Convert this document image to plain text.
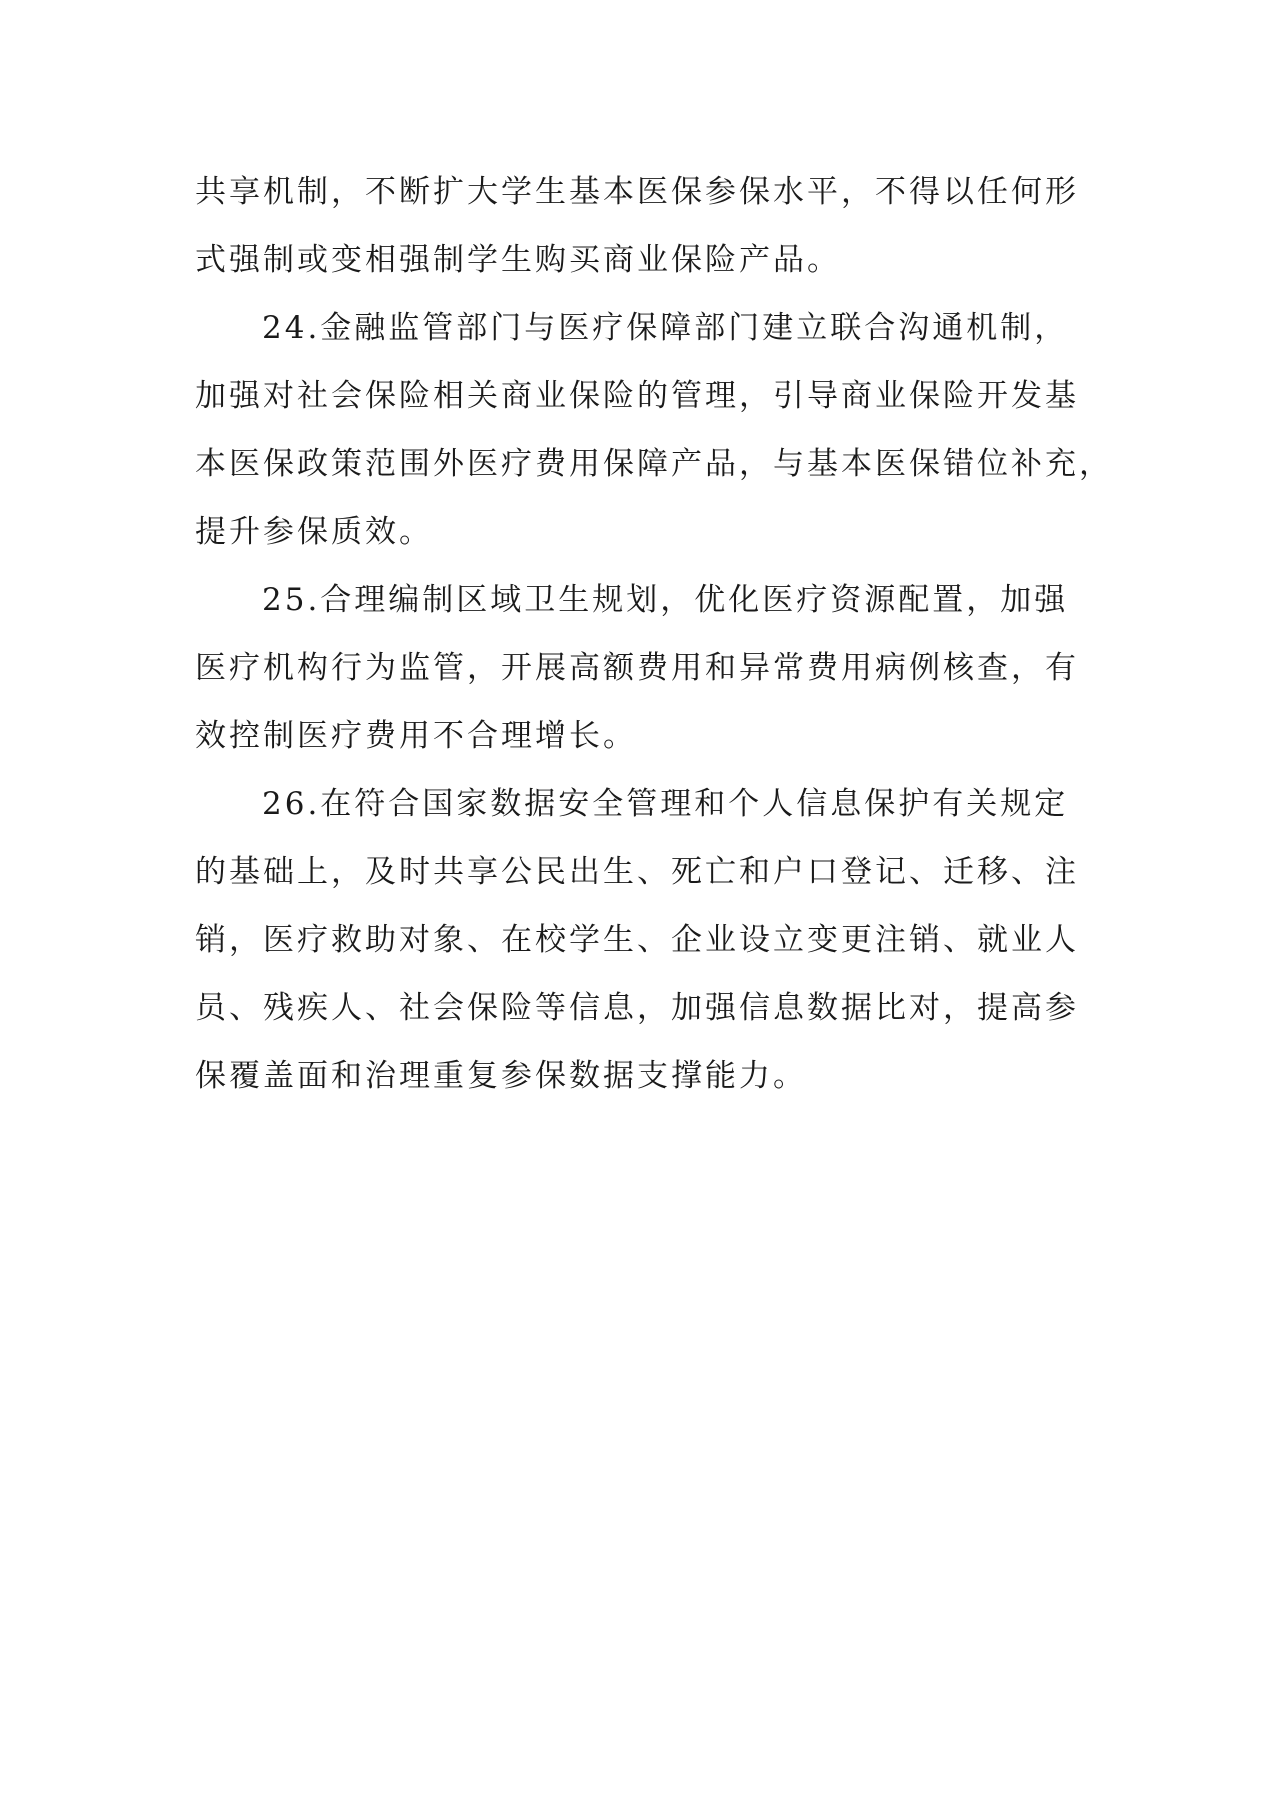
共享机制，不断扩大学生基本医保参保水平，不得以任何形
式强制或变相强制学生购买商业保险产品。
24.金融监管部门与医疗保障部门建立联合沟通机制，
加强对社会保险相关商业保险的管理，引导商业保险开发基
本医保政策范围外医疗费用保障产品，与基本医保错位补充，
提升参保质效。
25.合理编制区域卫生规划，优化医疗资源配置，加强
医疗机构行为监管，开展高额费用和异常费用病例核查，有
效控制医疗费用不合理增长。
26.在符合国家数据安全管理和个人信息保护有关规定
的基础上，及时共享公民出生、死亡和户口登记、迁移、注
销，医疗救助对象、在校学生、企业设立变更注销、就业人
员、残疾人、社会保险等信息，加强信息数据比对，提高参
保覆盖面和治理重复参保数据支撑能力。
